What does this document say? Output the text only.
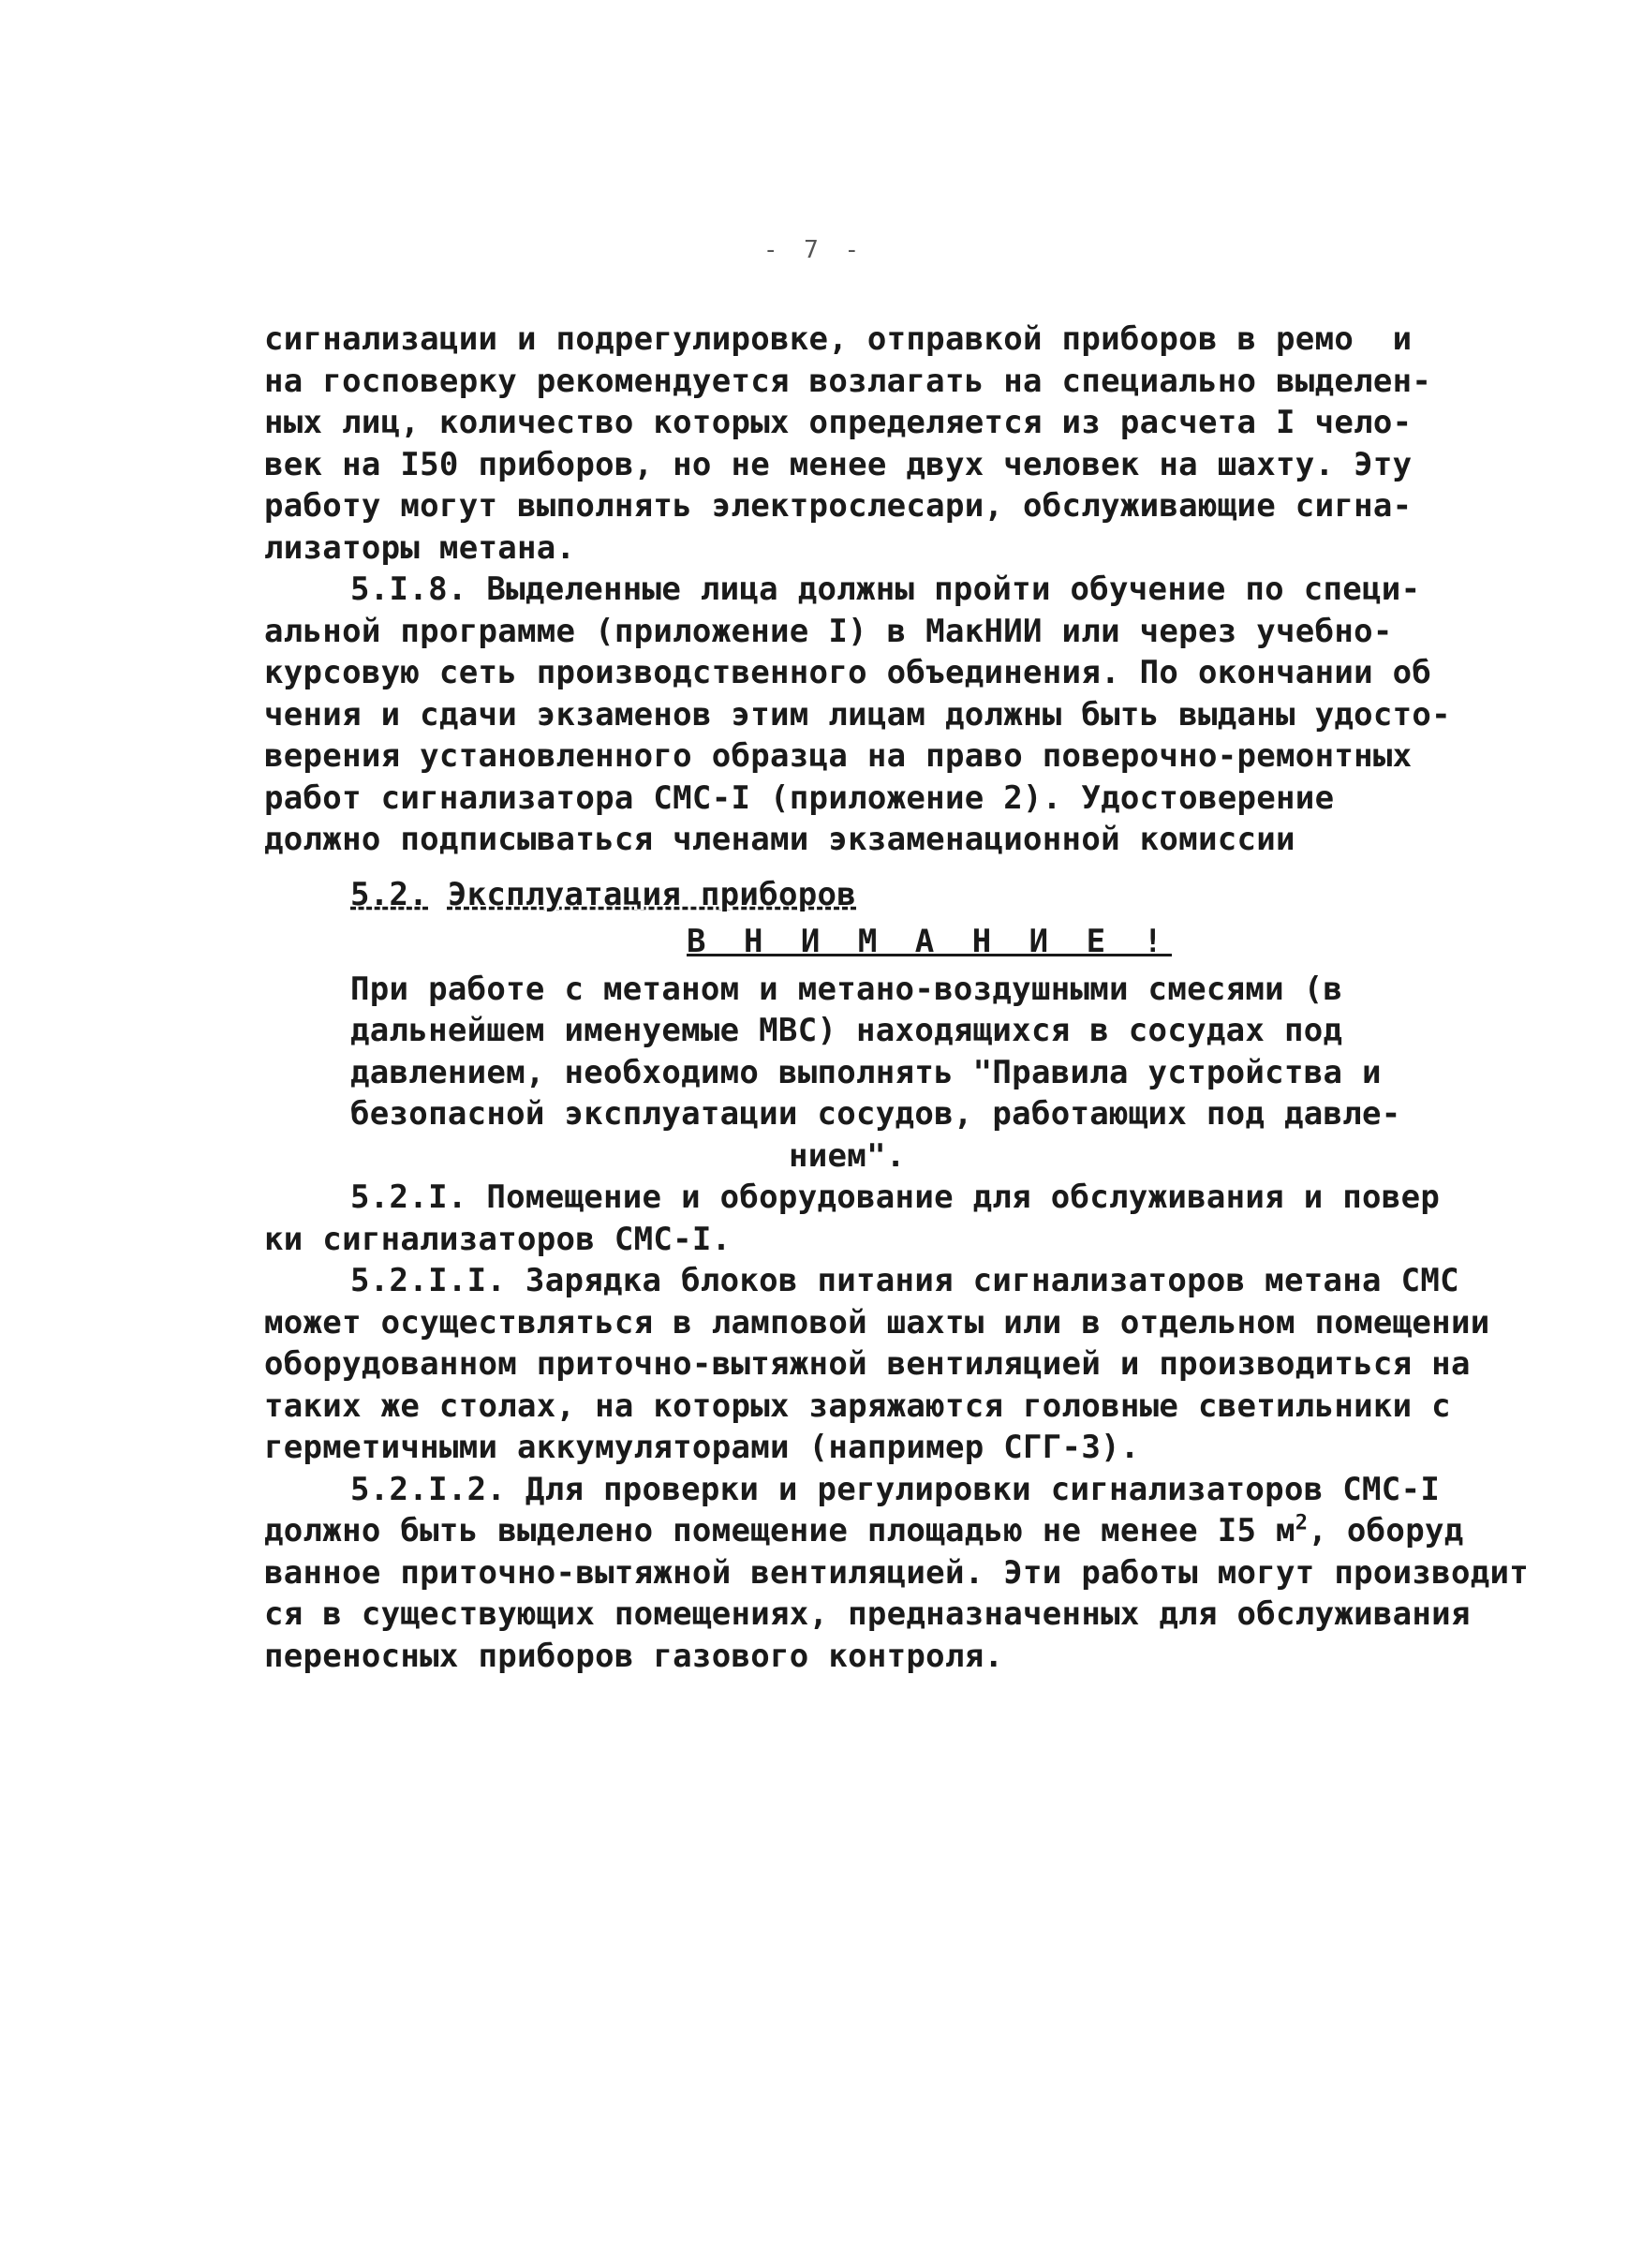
- 7 -
сигнализации и подрегулировке, отправкой приборов в ремо  и
на госповерку рекомендуется возлагать на специально выделен-
ных лиц, количество которых определяется из расчета I чело-
век на I50 приборов, но не менее двух человек на шахту. Эту
работу могут выполнять электрослесари, обслуживающие сигна-
лизаторы метана.
5.I.8. Выделенные лица должны пройти обучение по специ-
альной программе (приложение I) в МакНИИ или через учебно-
курсовую сеть производственного объединения. По окончании об
чения и сдачи экзаменов этим лицам должны быть выданы удосто-
верения установленного образца на право поверочно-ремонтных
работ сигнализатора СМС-I (приложение 2). Удостоверение
должно подписываться членами экзаменационной комиссии
5.2. Эксплуатация приборов
В Н И М А Н И Е !
При работе с метаном и метано-воздушными смесями (в
дальнейшем именуемые МВС) находящихся в сосудах под
давлением, необходимо выполнять "Правила устройства и
безопасной эксплуатации сосудов, работающих под давле-
нием".
5.2.I. Помещение и оборудование для обслуживания и повер
ки сигнализаторов СМС-I.
5.2.I.I. Зарядка блоков питания сигнализаторов метана СМС
может осуществляться в ламповой шахты или в отдельном помещении
оборудованном приточно-вытяжной вентиляцией и производиться на
таких же столах, на которых заряжаются головные светильники с
герметичными аккумуляторами (например СГГ-3).
5.2.I.2. Для проверки и регулировки сигнализаторов СМС-I
должно быть выделено помещение площадью не менее I5 $м^2$, оборуд
ванное приточно-вытяжной вентиляцией. Эти работы могут производит
ся в существующих помещениях, предназначенных для обслуживания
переносных приборов газового контроля.
